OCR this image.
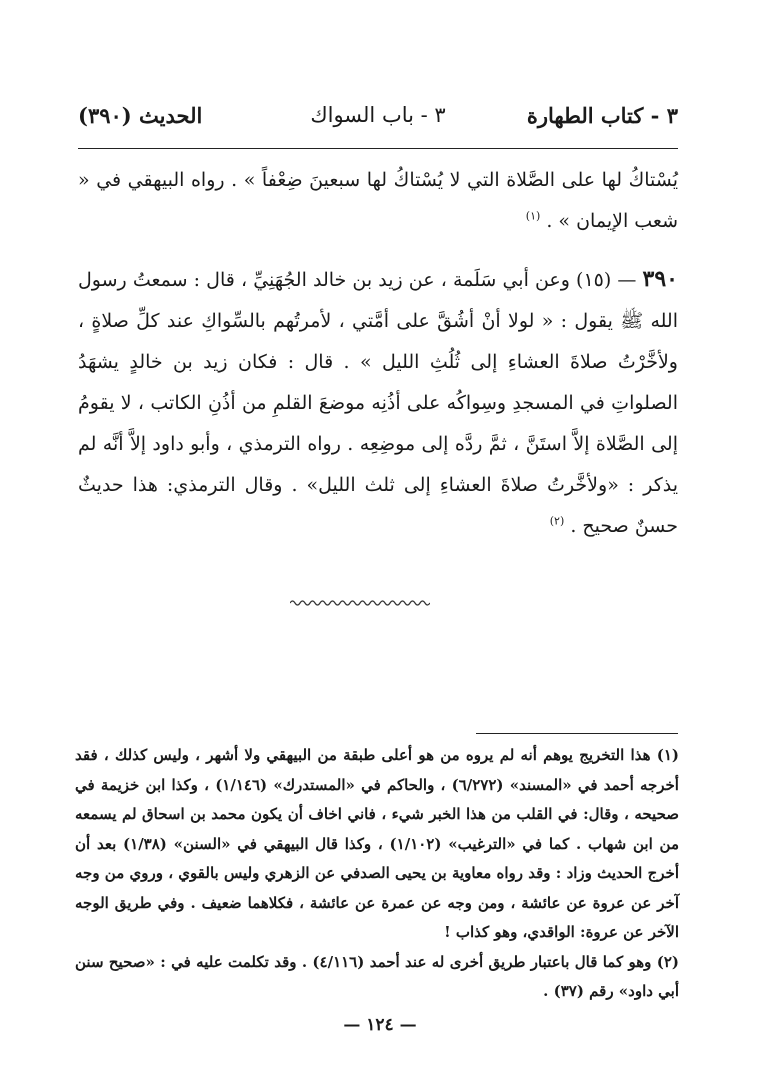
٣ - كتاب الطهارة
٣ - باب السواك
الحديث (٣٩٠)

يُسْتاكُ لها على الصَّلاة التي لا يُسْتاكُ لها سبعينَ ضِعْفاً » . رواه البيهقي في « شعب الإيمان » . $^{(١)}$

٣٩٠ — (١٥) وعن أبي سَلَمة ، عن زيد بن خالد الجُهَنِيِّ ، قال : سمعتُ رسول الله ﷺ يقول : « لولا أنْ أشُقَّ على أمَّتي ، لأمرتُهم بالسِّواكِ عند كلِّ صلاةٍ ، ولأخَّرْتُ صلاةَ العشاءِ إلى ثُلُثِ الليل » . قال : فكان زيد بن خالدٍ يشهَدُ الصلواتِ في المسجدِ وسِواكُه على أذُنِه موضعَ القلمِ من أذُنِ الكاتب ، لا يقومُ إلى الصَّلاة إلاَّ استَنَّ ، ثمَّ ردَّه إلى موضِعِه . رواه الترمذي ، وأبو داود إلاَّ أنَّه لم يذكر : «ولأخَّرتُ صلاةَ العشاءِ إلى ثلث الليل» . وقال الترمذي: هذا حديثٌ حسنٌ صحيح . $^{(٢)}$

(١) هذا التخريج يوهم أنه لم يروه من هو أعلى طبقة من البيهقي ولا أشهر ، وليس كذلك ، فقد أخرجه أحمد في «المسند» (٦/٢٧٢) ، والحاكم في «المستدرك» (١/١٤٦) ، وكذا ابن خزيمة في صحيحه ، وقال: في القلب من هذا الخبر شيء ، فاني اخاف أن يكون محمد بن اسحاق لم يسمعه من ابن شهاب . كما في «الترغيب» (١/١٠٢) ، وكذا قال البيهقي في «السنن» (١/٣٨) بعد أن أخرج الحديث وزاد : وقد رواه معاوية بن يحيى الصدفي عن الزهري وليس بالقوي ، وروي من وجه آخر عن عروة عن عائشة ، ومن وجه عن عمرة عن عائشة ، فكلاهما ضعيف . وفي طريق الوجه الآخر عن عروة: الواقدي، وهو كذاب !

(٢) وهو كما قال باعتبار طريق أخرى له عند أحمد (٤/١١٦) . وقد تكلمت عليه في : «صحيح سنن أبي داود» رقم (٣٧) .

— ١٢٤ —
